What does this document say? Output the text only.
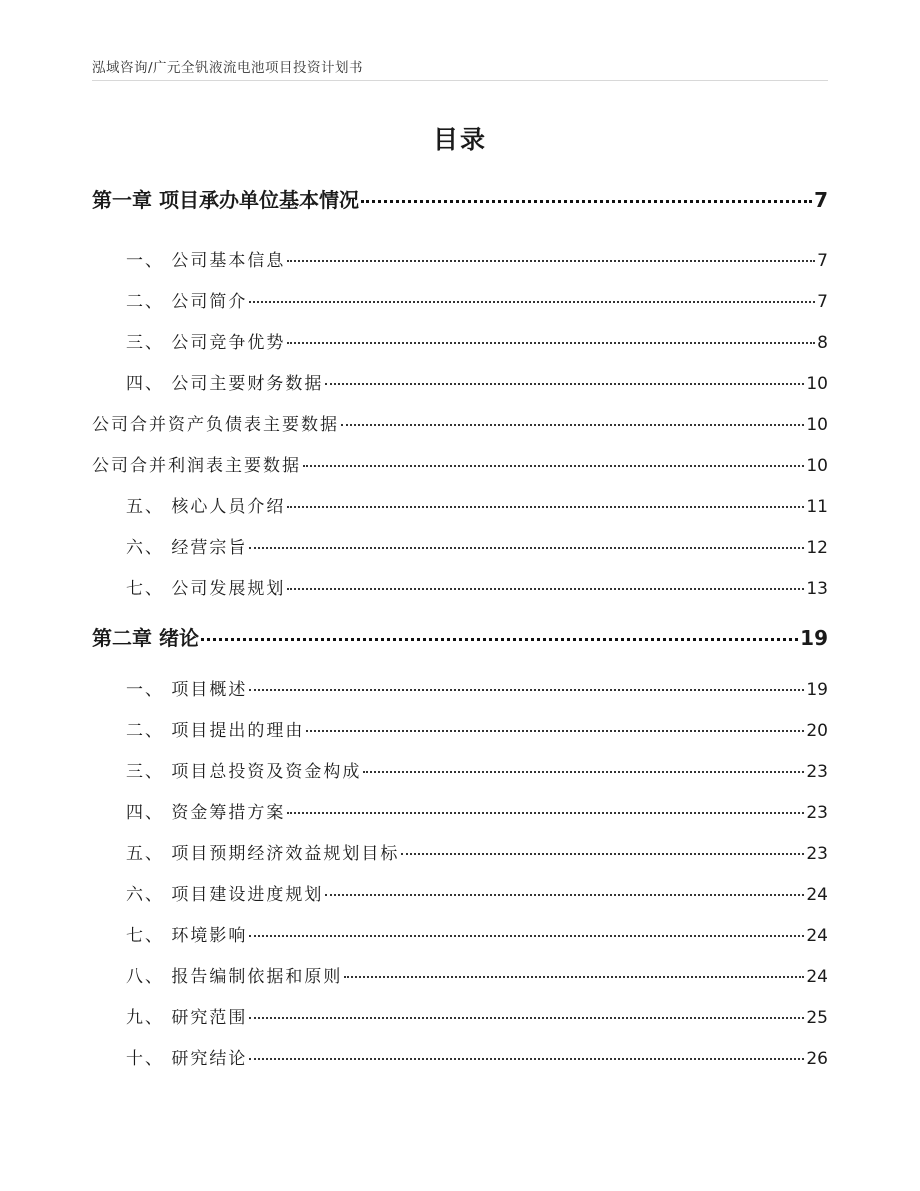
泓域咨询/广元全钒液流电池项目投资计划书
目录
第一章 项目承办单位基本情况	7
一、 公司基本信息	7
二、 公司简介	7
三、 公司竞争优势	8
四、 公司主要财务数据	10
公司合并资产负债表主要数据	10
公司合并利润表主要数据	10
五、 核心人员介绍	11
六、 经营宗旨	12
七、 公司发展规划	13
第二章 绪论	19
一、 项目概述	19
二、 项目提出的理由	20
三、 项目总投资及资金构成	23
四、 资金筹措方案	23
五、 项目预期经济效益规划目标	23
六、 项目建设进度规划	24
七、 环境影响	24
八、 报告编制依据和原则	24
九、 研究范围	25
十、 研究结论	26
